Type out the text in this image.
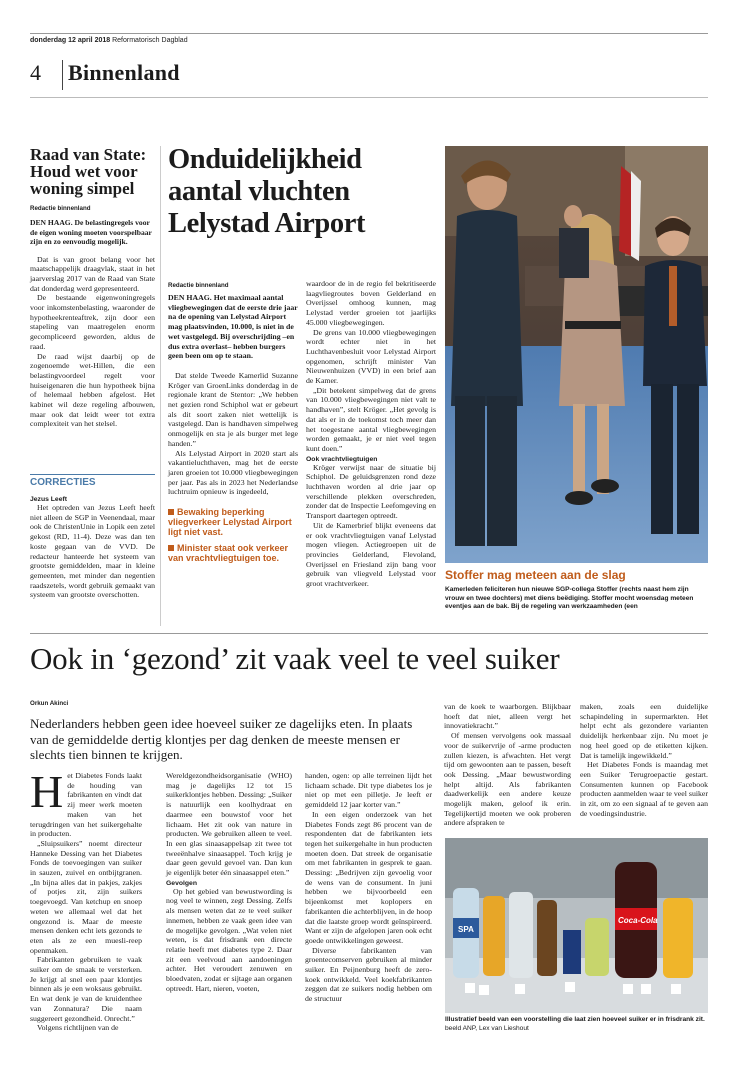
donderdag 12 april 2018 Reformatorisch Dagblad
4 Binnenland
Raad van State: Houd wet voor woning simpel
Redactie binnenland
DEN HAAG. De belastingregels voor de eigen woning moeten voorspelbaar zijn en zo eenvoudig mogelijk.

Dat is van groot belang voor het maatschappelijk draagvlak, staat in het jaarverslag 2017 van de Raad van State dat donderdag werd gepresenteerd.

De bestaande eigenwoningregels voor inkomstenbelasting, waaronder de hypotheekrenteaftrek, zijn door een stapeling van maatregelen enorm gecompliceerd geworden, aldus de raad.

De raad wijst daarbij op de zogenoemde wet-Hillen, die een belastingvoordeel regelt voor huiseigenaren die hun hypotheek bijna of helemaal hebben afgelost. Het kabinet wil deze regeling afbouwen, maar ook dat leidt weer tot extra complexiteit van het stelsel.

CORRECTIES
Jezus Leeft

Het optreden van Jezus Leeft heeft niet alleen de SGP in Veenendaal, maar ook de ChristenUnie in Lopik een zetel gekost (RD, 11-4). Deze was dan ten koste gegaan van de VVD. De redacteur hanteerde het systeem van grootste gemiddelden, maar in kleine gemeenten, met minder dan negentien raadszetels, wordt gebruik gemaakt van systeem van grootste overschotten.

Onduidelijkheid aantal vluchten Lelystad Airport
Redactie binnenland
DEN HAAG. Het maximaal aantal vliegbewegingen dat de eerste drie jaar na de opening van Lelystad Airport mag plaatsvinden, 10.000, is niet in de wet vastgelegd. Bij overschrijding –en dus extra overlast– hebben burgers geen been om op te staan.

Dat stelde Tweede Kamerlid Suzanne Kröger van GroenLinks donderdag in de regionale krant de Stentor: „We hebben net gezien rond Schiphol wat er gebeurt als dit soort zaken niet wettelijk is vastgelegd. Dan is handhaven simpelweg onmogelijk en sta je als burger met lege handen.”

Als Lelystad Airport in 2020 start als vakantieluchthaven, mag het de eerste jaren groeien tot 10.000 vliegbewegingen per jaar. Pas als in 2023 het Nederlandse luchtruim opnieuw is ingedeeld,

Bewaking beperking vliegverkeer Lelystad Airport ligt niet vast.
Minister staat ook verkeer van vrachtvliegtuigen toe.

waardoor de in de regio fel bekritiseerde laagvliegroutes boven Gelderland en Overijssel omhoog kunnen, mag Lelystad verder groeien tot jaarlijks 45.000 vliegbewegingen.

De grens van 10.000 vliegbewegingen wordt echter niet in het Luchthavenbesluit voor Lelystad Airport opgenomen, schrijft minister Van Nieuwenhuizen (VVD) in een brief aan de Kamer.

„Dit betekent simpelweg dat de grens van 10.000 vliegbewegingen niet valt te handhaven”, stelt Kröger. „Het gevolg is dat als er in de toekomst toch meer dan het toegestane aantal vliegbewegingen worden gemaakt, je er niet veel tegen kunt doen.”

Ook vrachtvliegtuigen

Kröger verwijst naar de situatie bij Schiphol. De geluidsgrenzen rond deze luchthaven worden al drie jaar op verschillende plekken overschreden, zonder dat de Inspectie Leefomgeving en Transport daartegen optreedt.

Uit de Kamerbrief blijkt eveneens dat er ook vrachtvliegtuigen vanaf Lelystad mogen vliegen. Actiegroepen uit de provincies Gelderland, Flevoland, Overijssel en Friesland zijn bang voor gebruik van vliegveld Lelystad voor groot vrachtverkeer.

Stoffer mag meteen aan de slag
Kamerleden feliciteren hun nieuwe SGP-collega Stoffer (rechts naast hem zijn vrouw en twee dochters) met diens beëdiging. Stoffer mocht woensdag meteen eventjes aan de bak. Bij de regeling van werkzaamheden (een
Ook in ‘gezond’ zit vaak veel te veel suiker
Orkun Akinci
Nederlanders hebben geen idee hoeveel suiker ze dagelijks eten. In plaats van de gemiddelde dertig klontjes per dag denken de meeste mensen er slechts tien binnen te krijgen.
H et Diabetes Fonds laakt de houding van fabrikanten en vindt dat zij meer werk moeten maken van het terugdringen van het suikergehalte in producten.

„Sluipsuikers” noemt directeur Hanneke Dessing van het Diabetes Fonds de toevoegingen van suiker in sauzen, zuivel en ontbijtgranen. „In bijna alles dat in pakjes, zakjes of potjes zit, zijn suikers toegevoegd. Van ketchup en snoep weten we allemaal wel dat het ongezond is. Maar de meeste mensen denken echt iets gezonds te eten als ze een muesli-reep openmaken.

Fabrikanten gebruiken te vaak suiker om de smaak te versterken. Je krijgt al snel een paar klontjes binnen als je een woksaus gebruikt. En wat denk je van de kruidenthee van Zonnatura? Die naam suggereert gezondheid. Onrecht.”

Volgens richtlijnen van de

Wereldgezondheidsorganisatie (WHO) mag je dagelijks 12 tot 15 suikerklontjes hebben. Dessing: „Suiker is natuurlijk een koolhydraat en daarmee een bouwstof voor het lichaam. Het zit ook van nature in producten. We gebruiken alleen te veel. In een glas sinaasappelsap zit twee tot tweeënhalve sinaasappel. Toch krijg je daar geen gevuld gevoel van. Dan kun je eigenlijk beter één sinaasappel eten.”

Gevolgen

Op het gebied van bewustwording is nog veel te winnen, zegt Dessing. Zelfs als mensen weten dat ze te veel suiker innemen, hebben ze vaak geen idee van de mogelijke gevolgen. „Wat velen niet weten, is dat frisdrank een directe relatie heeft met diabetes type 2. Daar zit een veelvoud aan aandoeningen achter. Het veroudert zenuwen en bloedvaten, zodat er sijtage aan organen optreedt. Hart, nieren, voeten,

handen, ogen: op alle terreinen lijdt het lichaam schade. Dit type diabetes los je niet op met een pilletje. Je leeft er gemiddeld 12 jaar korter van.”

In een eigen onderzoek van het Diabetes Fonds zegt 86 procent van de respondenten dat de fabrikanten iets tegen het suikergehalte in hun producten moeten doen. Dat streek de organisatie om met fabrikanten in gesprek te gaan. Dessing: „Bedrijven zijn gevoelig voor de wens van de consument. In juni hebben we bijvoorbeeld een bijeenkomst met koplopers en fabrikanten die achterblijven, in de hoop dat die laatste groep wordt geïnspireerd. Want er zijn de afgelopen jaren ook echt goede ontwikkelingen geweest.

Diverse fabrikanten van groentecomserven gebruiken al minder suiker. En Peijnenburg heeft de zero-koek ontwikkeld. Veel koekfabrikanten zeggen dat ze suikers nodig hebben om de structuur

van de koek te waarborgen. Blijkbaar hoeft dat niet, alleen vergt het innovatiekracht.”

Of mensen vervolgens ook massaal voor de suikervrije of -arme producten zullen kiezen, is afwachten. Het vergt tijd om gewoonten aan te passen, beseft ook Dessing. „Maar bewustwording helpt altijd. Als fabrikanten daadwerkelijk een andere keuze mogelijk maken, geloof ik erin. Tegelijkertijd moeten we ook proberen andere afspraken te

maken, zoals een duidelijke schapindeling in supermarkten. Het helpt echt als gezondere varianten duidelijk herkenbaar zijn. Nu moet je nog heel goed op de etiketten kijken. Dat is tamelijk ingewikkeld.”

Het Diabetes Fonds is maandag met een Suiker Terugroepactie gestart. Consumenten kunnen op Facebook producten aanmelden waar te veel suiker in zit, om zo een signaal af te geven aan de voedingsindustrie.

SPA
Coca-Cola
Illustratief beeld van een voorstelling die laat zien hoeveel suiker er in frisdrank zit. beeld ANP, Lex van Lieshout
